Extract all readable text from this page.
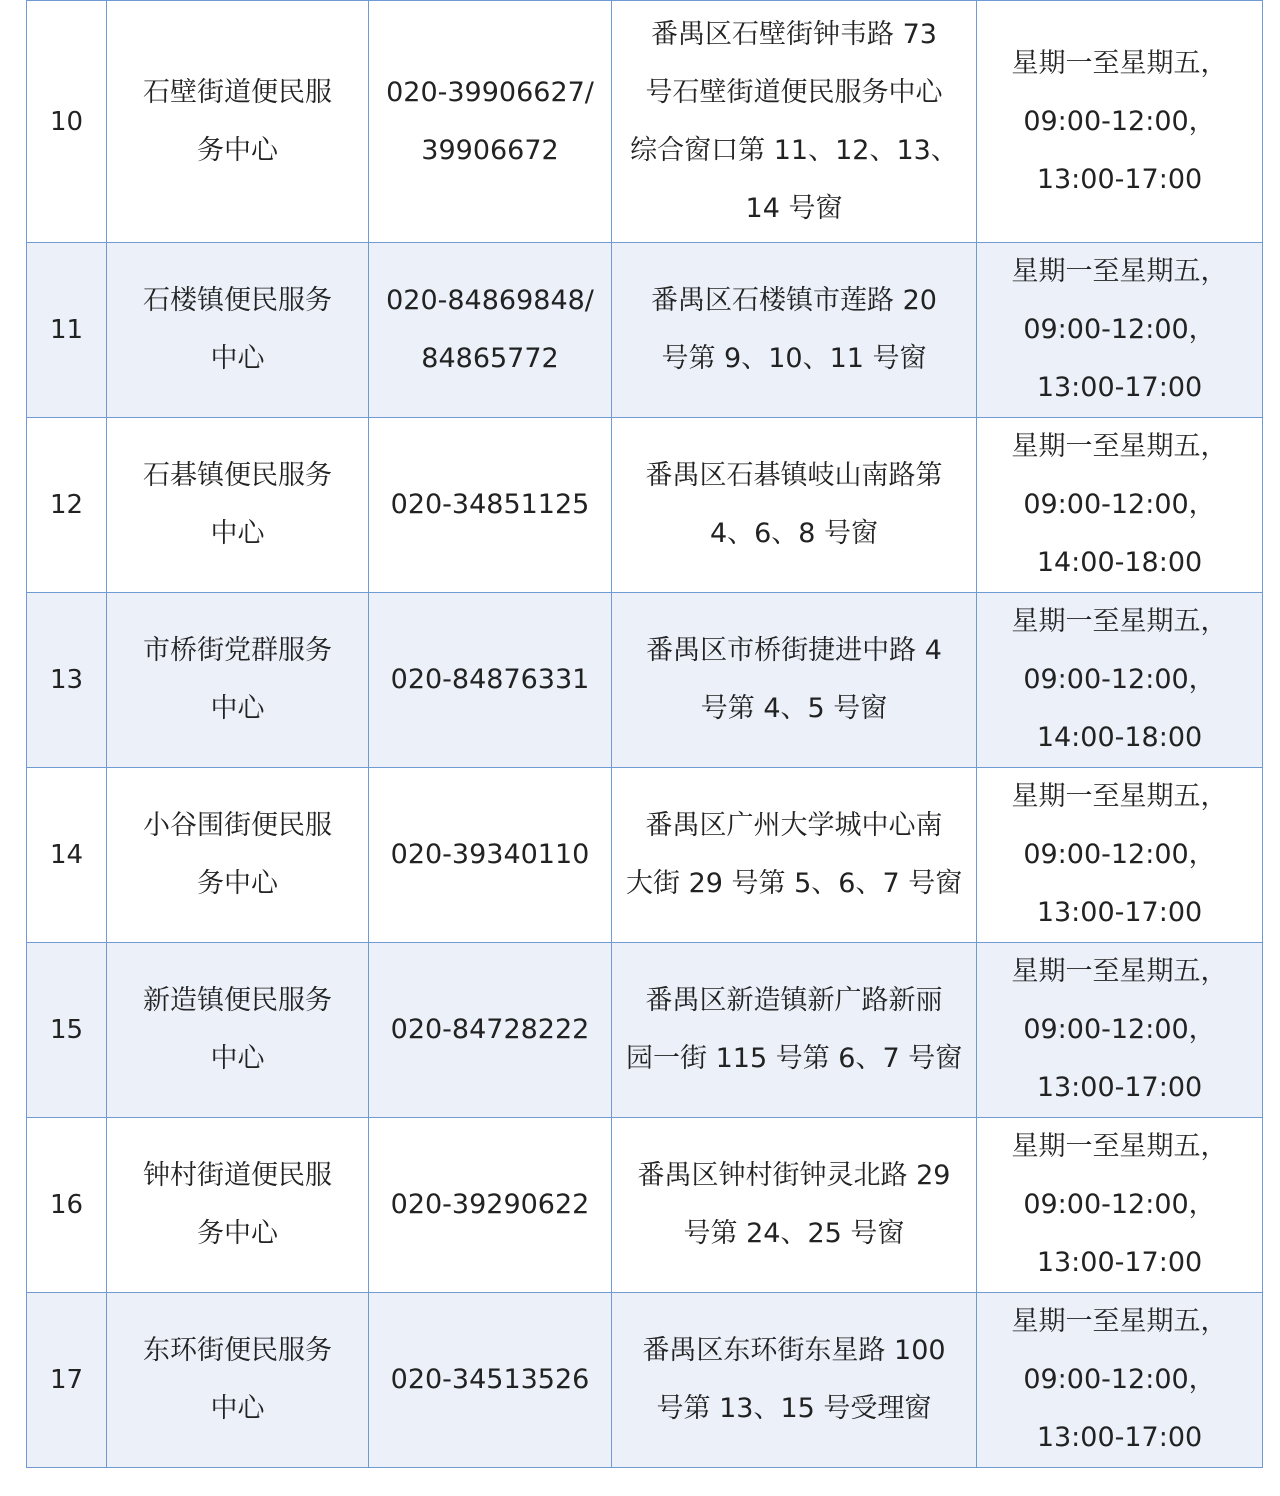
10	石壁街道便民服
务中心	020-39906627/
39906672	番禺区石壁街钟韦路 73
号石壁街道便民服务中心
综合窗口第 11、12、13、
14 号窗	星期一至星期五，
09:00-12:00，
13:00-17:00

11	石楼镇便民服务
中心	020-84869848/
84865772	番禺区石楼镇市莲路 20
号第 9、10、11 号窗	星期一至星期五，
09:00-12:00，
13:00-17:00

12	石碁镇便民服务
中心	020-34851125	番禺区石碁镇岐山南路第
4、6、8 号窗	星期一至星期五，
09:00-12:00，
14:00-18:00

13	市桥街党群服务
中心	020-84876331	番禺区市桥街捷进中路 4
号第 4、5 号窗	星期一至星期五，
09:00-12:00，
14:00-18:00

14	小谷围街便民服
务中心	020-39340110	番禺区广州大学城中心南
大街 29 号第 5、6、7 号窗	星期一至星期五，
09:00-12:00，
13:00-17:00

15	新造镇便民服务
中心	020-84728222	番禺区新造镇新广路新丽
园一街 115 号第 6、7 号窗	星期一至星期五，
09:00-12:00，
13:00-17:00

16	钟村街道便民服
务中心	020-39290622	番禺区钟村街钟灵北路 29
号第 24、25 号窗	星期一至星期五，
09:00-12:00，
13:00-17:00

17	东环街便民服务
中心	020-34513526	番禺区东环街东星路 100
号第 13、15 号受理窗	星期一至星期五，
09:00-12:00，
13:00-17:00
